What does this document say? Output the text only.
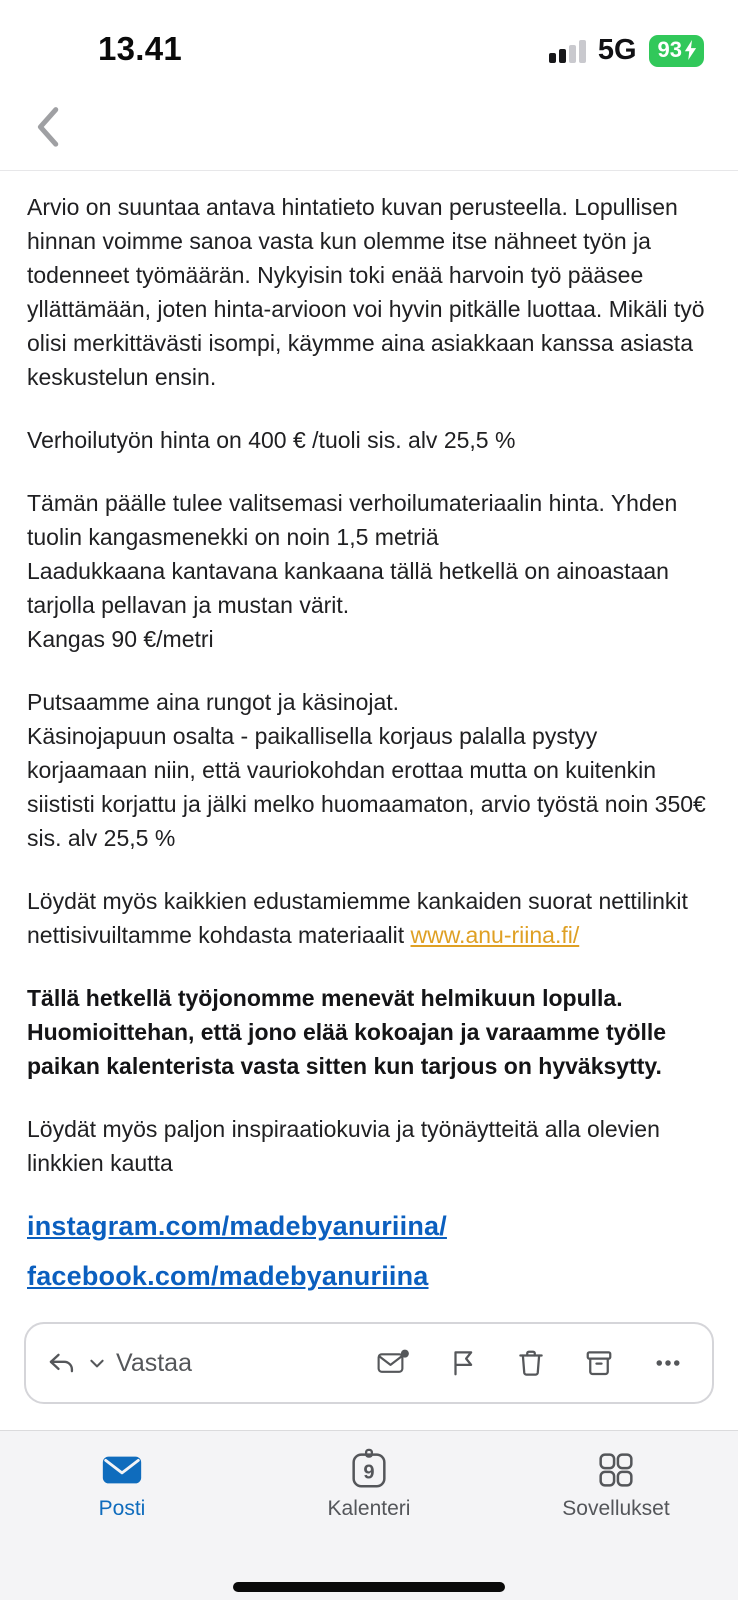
13.41	5G 93

Arvio on suuntaa antava hintatieto kuvan perusteella. Lopullisen hinnan voimme sanoa vasta kun olemme itse nähneet työn ja todenneet työmäärän. Nykyisin toki enää harvoin työ pääsee yllättämään, joten hinta-arvioon voi hyvin pitkälle luottaa. Mikäli työ olisi merkittävästi isompi, käymme aina asiakkaan kanssa asiasta keskustelun ensin.

Verhoilutyön hinta on 400 € /tuoli sis. alv 25,5 %

Tämän päälle tulee valitsemasi verhoilumateriaalin hinta. Yhden tuolin kangasmenekki on noin 1,5 metriä
Laadukkaana kantavana kankaana tällä hetkellä on ainoastaan tarjolla pellavan ja mustan värit.
Kangas 90 €/metri

Putsaamme aina rungot ja käsinojat.
Käsinojapuun osalta - paikallisella korjaus palalla pystyy korjaamaan niin, että vauriokohdan erottaa mutta on kuitenkin siististi korjattu ja jälki melko huomaamaton, arvio työstä noin 350€ sis. alv 25,5 %

Löydät myös kaikkien edustamiemme kankaiden suorat nettilinkit nettisivuiltamme kohdasta materiaalit www.anu-riina.fi/

Tällä hetkellä työjonomme menevät helmikuun lopulla. Huomioittehan, että jono elää kokoajan ja varaamme työlle paikan kalenterista vasta sitten kun tarjous on hyväksytty.

Löydät myös paljon inspiraatiokuvia ja työnäytteitä alla olevien linkkien kautta

instagram.com/madebyanuriina/
facebook.com/madebyanuriina
Vastaa
Posti
9
Kalenteri	Sovellukset
